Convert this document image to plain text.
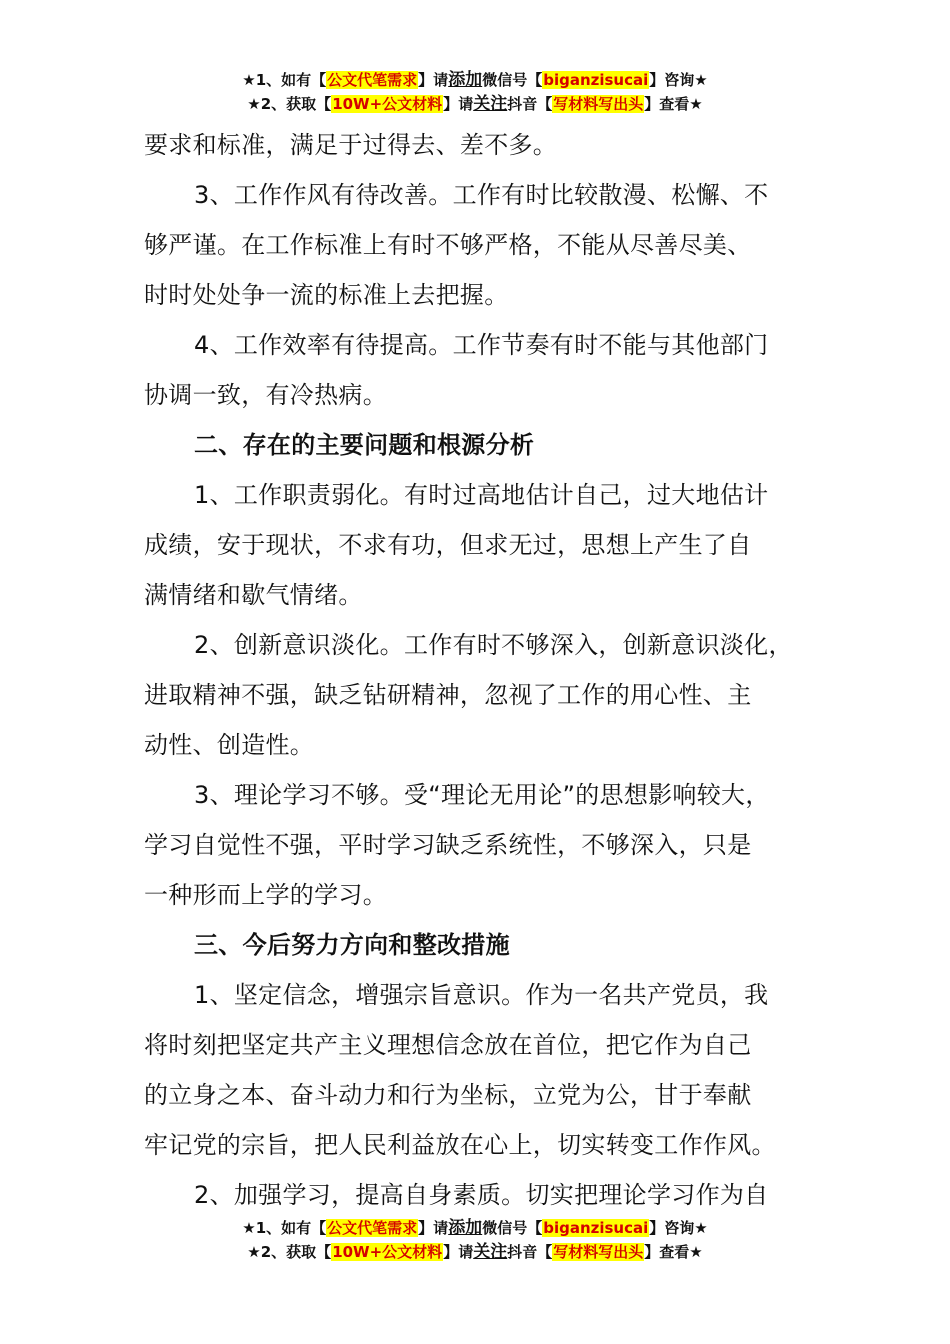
★1、如有【公文代笔需求】请添加微信号【biganzisucai】咨询★
★2、获取【10W+公文材料】请关注抖音【写材料写出头】查看★

要求和标准，满足于过得去、差不多。

3、工作作风有待改善。工作有时比较散漫、松懈、不
够严谨。在工作标准上有时不够严格，不能从尽善尽美、
时时处处争一流的标准上去把握。

4、工作效率有待提高。工作节奏有时不能与其他部门
协调一致，有冷热病。

二、存在的主要问题和根源分析

1、工作职责弱化。有时过高地估计自己，过大地估计
成绩，安于现状，不求有功，但求无过，思想上产生了自
满情绪和歇气情绪。

2、创新意识淡化。工作有时不够深入，创新意识淡化，
进取精神不强，缺乏钻研精神，忽视了工作的用心性、主
动性、创造性。

3、理论学习不够。受“理论无用论”的思想影响较大，
学习自觉性不强，平时学习缺乏系统性，不够深入，只是
一种形而上学的学习。

三、今后努力方向和整改措施

1、坚定信念，增强宗旨意识。作为一名共产党员，我
将时刻把坚定共产主义理想信念放在首位，把它作为自己
的立身之本、奋斗动力和行为坐标，立党为公，甘于奉献
牢记党的宗旨，把人民利益放在心上，切实转变工作作风。

2、加强学习，提高自身素质。切实把理论学习作为自

★1、如有【公文代笔需求】请添加微信号【biganzisucai】咨询★
★2、获取【10W+公文材料】请关注抖音【写材料写出头】查看★
